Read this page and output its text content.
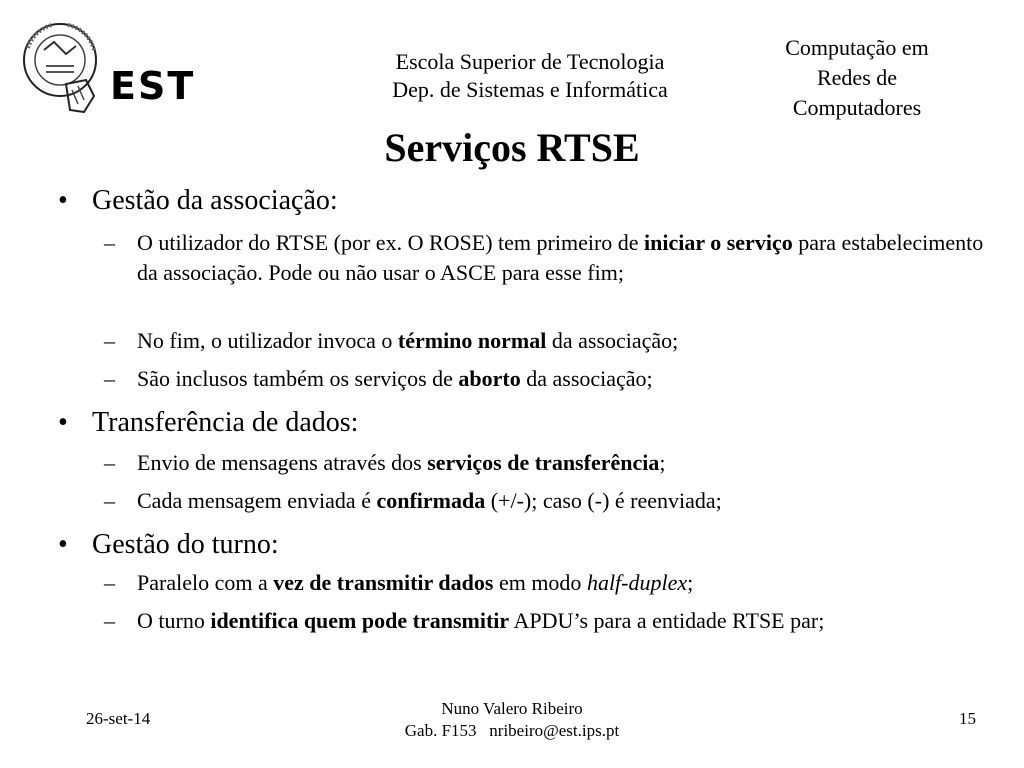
EST
Escola Superior de Tecnologia
Dep. de Sistemas e Informática
Computação em
Redes de
Computadores
Serviços RTSE
• Gestão da associação:
– O utilizador do RTSE (por ex. O ROSE) tem primeiro de iniciar o serviço para estabelecimento da associação. Pode ou não usar o ASCE para esse fim;
– No fim, o utilizador invoca o término normal da associação;
– São inclusos também os serviços de aborto da associação;
• Transferência de dados:
– Envio de mensagens através dos serviços de transferência;
– Cada mensagem enviada é confirmada (+/-); caso (-) é reenviada;
• Gestão do turno:
– Paralelo com a vez de transmitir dados em modo half-duplex;
– O turno identifica quem pode transmitir APDU’s para a entidade RTSE par;
26-set-14
Nuno Valero Ribeiro
Gab. F153 nribeiro@est.ips.pt
15
